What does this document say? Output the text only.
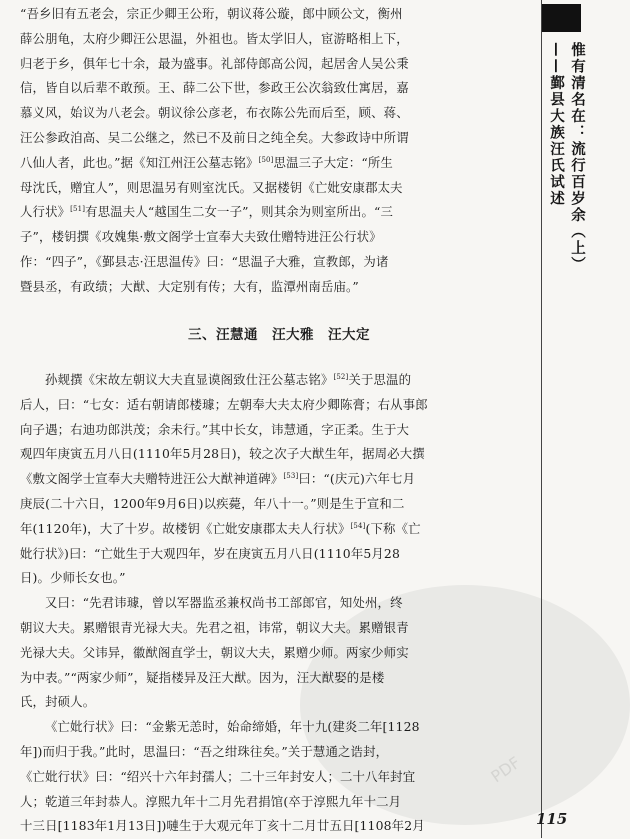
PDF
“吾乡旧有五老会，宗正少卿王公珩，朝议蒋公璇，郎中顾公文，衡州
薛公朋龟，太府少卿汪公思温，外祖也。皆太学旧人，宦游略相上下，
归老于乡，俱年七十余，最为盛事。礼部侍郎高公闶，起居舍人吴公秉
信，皆自以后辈不敢预。王、薛二公下世，参政王公次翁致仕寓居，嘉
慕义风，始议为八老会。朝议徐公彦老，布衣陈公先而后至，顾、蒋、
汪公参政洎高、吴二公继之，然已不及前日之纯全矣。大参政诗中所谓
八仙人者，此也。”据《知江州汪公墓志铭》[50]思温三子大定：“所生
母沈氏，赠宜人”，则思温另有则室沈氏。又据楼钥《亡妣安康郡太夫
人行状》[51]有思温夫人“越国生二女一子”，则其余为则室所出。“三
子”，楼钥撰《攻媿集·敷文阁学士宣奉大夫致仕赠特进汪公行状》
作：“四子”，《鄞县志·汪思温传》曰：“思温子大雅，宣教郎，为诸
暨县丞，有政绩；大猷、大定别有传；大有，监潭州南岳庙。”
三、汪慧通　汪大雅　汪大定
孙觌撰《宋故左朝议大夫直显谟阁致仕汪公墓志铭》[52]关于思温的
后人，曰：“七女：适右朝请郎楼璩；左朝奉大夫太府少卿陈膏；右从事郎
向子遇；右迪功郎洪茂；余未行。”其中长女，讳慧通，字正柔。生于大
观四年庚寅五月八日(1110年5月28日)，较之次子大猷生年，据周必大撰
《敷文阁学士宣奉大夫赠特进汪公大猷神道碑》[53]曰：“(庆元)六年七月
庚辰(二十六日，1200年9月6日)以疾薨，年八十一。”则是生于宣和二
年(1120年)，大了十岁。故楼钥《亡妣安康郡太夫人行状》[54](下称《亡
妣行状》)曰：“亡妣生于大观四年，岁在庚寅五月八日(1110年5月28
日)。少师长女也。”
又曰：“先君讳璩，曾以军器监丞兼权尚书工部郎官，知处州，终
朝议大夫。累赠银青光禄大夫。先君之祖，讳常，朝议大夫。累赠银青
光禄大夫。父讳异，徽猷阁直学士，朝议大夫，累赠少师。两家少师实
为中表。”“两家少师”，疑指楼异及汪大猷。因为，汪大猷娶的是楼
氏，封硕人。
《亡妣行状》曰：“金紫无恙时，始命缔婚，年十九(建炎二年[1128
年])而归于我。”此时，思温曰：“吾之绀珠往矣。”关于慧通之诰封，
《亡妣行状》曰：“绍兴十六年封孺人；二十三年封安人；二十八年封宜
人；乾道三年封恭人。淳熙九年十二月先君捐馆(卒于淳熙九年十二月
十三日[1183年1月13日])嗹生于大观元年丁亥十二月廿五日[1108年2月
惟有清名在：流行百岁余（上）
——鄞县大族汪氏试述
115
